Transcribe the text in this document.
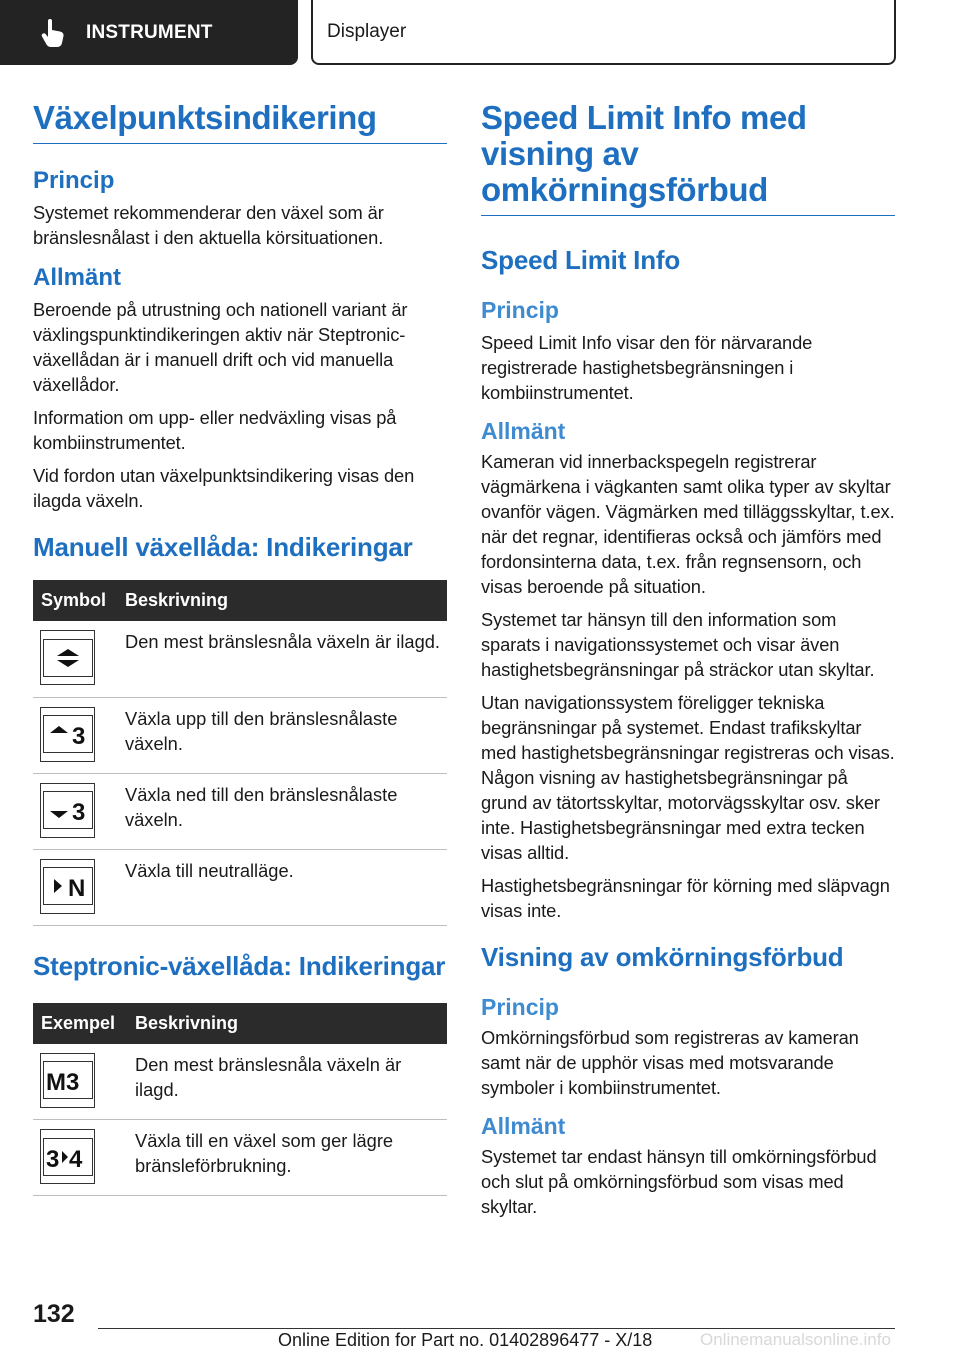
INSTRUMENT	Displayer
Växelpunktsindikering
Princip

Systemet rekommenderar den växel som är bränslesnålast i den aktuella körsituationen.

Allmänt

Beroende på utrustning och nationell variant är växlingspunktindikeringen aktiv när Steptronic-växellådan är i manuell drift och vid manuella växellådor.

Information om upp- eller nedväxling visas på kombiinstrumentet.

Vid fordon utan växelpunktsindikering visas den ilagda växeln.

Manuell växellåda: Indikeringar
Symbol	Beskrivning

	Den mest bränslesnåla växeln är ilagd.

3	Växla upp till den bränslesnålaste växeln.

3	Växla ned till den bränslesnålaste växeln.

N	Växla till neutralläge.
Steptronic-växellåda: Indikeringar
Exempel	Beskrivning

M3	Den mest bränslesnåla växeln är ilagd.

3 4	Växla till en växel som ger lägre bränsleförbrukning.
Speed Limit Info med visning av omkörningsförbud
Speed Limit Info
Princip

Speed Limit Info visar den för närvarande registrerade hastighetsbegränsningen i kombiinstrumentet.

Allmänt

Kameran vid innerbackspegeln registrerar vägmärkena i vägkanten samt olika typer av skyltar ovanför vägen. Vägmärken med tilläggsskyltar, t.ex. när det regnar, identifieras också och jämförs med fordonsinterna data, t.ex. från regnsensorn, och visas beroende på situation.

Systemet tar hänsyn till den information som sparats i navigationssystemet och visar även hastighetsbegränsningar på sträckor utan skyltar.

Utan navigationssystem föreligger tekniska begränsningar på systemet. Endast trafikskyltar med hastighetsbegränsningar registreras och visas. Någon visning av hastighetsbegränsningar på grund av tätortsskyltar, motorvägsskyltar osv. sker inte. Hastighetsbegränsningar med extra tecken visas alltid.

Hastighetsbegränsningar för körning med släpvagn visas inte.

Visning av omkörningsförbud
Princip

Omkörningsförbud som registreras av kameran samt när de upphör visas med motsvarande symboler i kombiinstrumentet.

Allmänt

Systemet tar endast hänsyn till omkörningsförbud och slut på omkörningsförbud som visas med skyltar.

132
Online Edition for Part no. 01402896477 - X/18	Onlinemanualsonline.info
